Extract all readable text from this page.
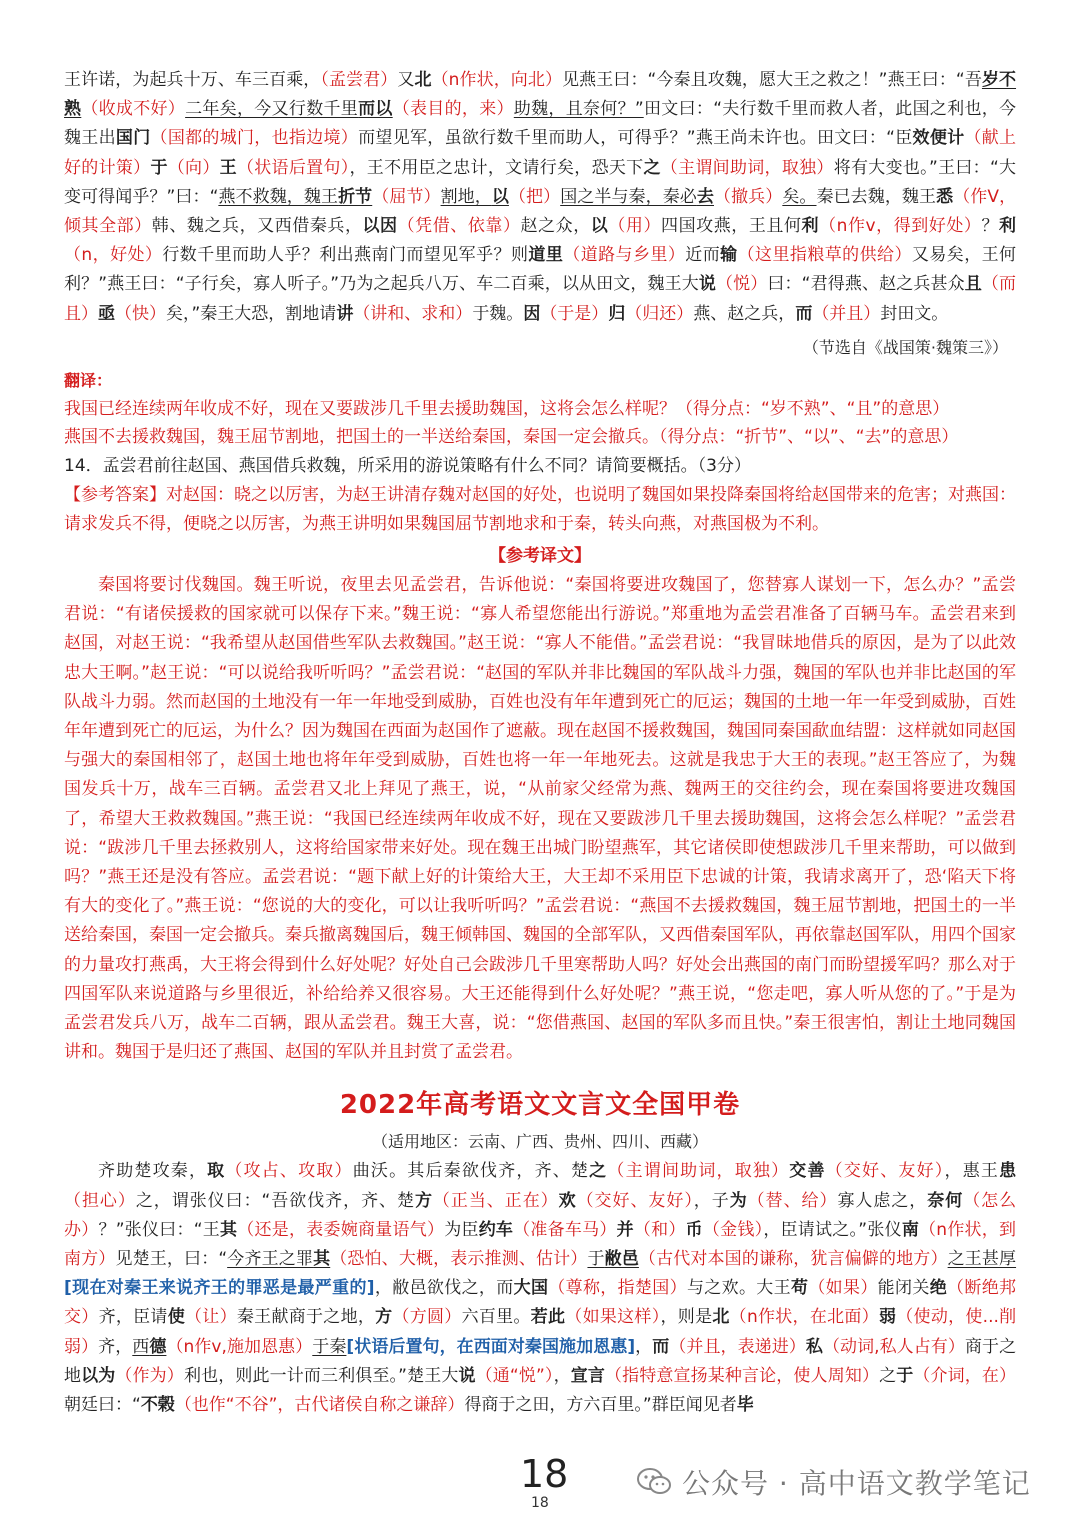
王许诺，为起兵十万、车三百乘，（孟尝君）又北（n作状，向北）见燕王曰：“今秦且攻魏，愿大王之救之！”燕王曰：“吾岁不熟（收成不好）二年矣，今又行数千里而以（表目的，来）助魏，且奈何？”田文曰：“夫行数千里而救人者，此国之利也，今魏王出国门（国都的城门，也指边境）而望见军，虽欲行数千里而助人，可得乎？”燕王尚未许也。田文曰：“臣效便计（献上好的计策）于（向）王（状语后置句），王不用臣之忠计，文请行矣，恐天下之（主谓间助词，取独）将有大变也。”王曰：“大变可得闻乎？”曰：“燕不救魏，魏王折节（屈节）割地，以（把）国之半与秦，秦必去（撤兵）矣。秦已去魏，魏王悉（作V，倾其全部）韩、魏之兵，又西借秦兵，以因（凭借、依靠）赵之众，以（用）四国攻燕，王且何利（n作v，得到好处）？利（n，好处）行数千里而助人乎？利出燕南门而望见军乎？则道里（道路与乡里）近而输（这里指粮草的供给）又易矣，王何利？”燕王曰：“子行矣，寡人听子。”乃为之起兵八万、车二百乘，以从田文，魏王大说（悦）曰：“君得燕、赵之兵甚众且（而且）亟（快）矣，”秦王大恐，割地请讲（讲和、求和）于魏。因（于是）归（归还）燕、赵之兵，而（并且）封田文。

（节选自《战国策·魏策三》）

翻译：

我国已经连续两年收成不好，现在又要跋涉几千里去援助魏国，这将会怎么样呢？（得分点：“岁不熟”、“且”的意思）

燕国不去援救魏国，魏王屈节割地，把国土的一半送给秦国，秦国一定会撤兵。（得分点：“折节”、“以”、“去”的意思）

14．孟尝君前往赵国、燕国借兵救魏，所采用的游说策略有什么不同？请简要概括。（3分）

【参考答案】对赵国：晓之以厉害，为赵王讲清存魏对赵国的好处，也说明了魏国如果投降秦国将给赵国带来的危害；对燕国：请求发兵不得，便晓之以厉害，为燕王讲明如果魏国屈节割地求和于秦，转头向燕，对燕国极为不利。

【参考译文】

秦国将要讨伐魏国。魏王听说，夜里去见孟尝君，告诉他说：“秦国将要进攻魏国了，您替寡人谋划一下，怎么办？”孟尝君说：“有诸侯援救的国家就可以保存下来。”魏王说：“寡人希望您能出行游说。”郑重地为孟尝君准备了百辆马车。孟尝君来到赵国，对赵王说：“我希望从赵国借些军队去救魏国。”赵王说：“寡人不能借。”孟尝君说：“我冒昧地借兵的原因，是为了以此效忠大王啊。”赵王说：“可以说给我听听吗？”孟尝君说：“赵国的军队并非比魏国的军队战斗力强，魏国的军队也并非比赵国的军队战斗力弱。然而赵国的土地没有一年一年地受到威胁，百姓也没有年年遭到死亡的厄运；魏国的土地一年一年受到威胁，百姓年年遭到死亡的厄运，为什么？因为魏国在西面为赵国作了遮蔽。现在赵国不援救魏国，魏国同秦国歃血结盟：这样就如同赵国与强大的秦国相邻了，赵国土地也将年年受到威胁，百姓也将一年一年地死去。这就是我忠于大王的表现。”赵王答应了，为魏国发兵十万，战车三百辆。孟尝君又北上拜见了燕王，说，“从前家父经常为燕、魏两王的交往约会，现在秦国将要进攻魏国了，希望大王救救魏国。”燕王说：“我国已经连续两年收成不好，现在又要跋涉几千里去援助魏国，这将会怎么样呢？”孟尝君说：“跋涉几千里去拯救别人，这将给国家带来好处。现在魏王出城门盼望燕军，其它诸侯即使想跋涉几千里来帮助，可以做到吗？”燕王还是没有答应。孟尝君说：“题下献上好的计策给大王，大王却不采用臣下忠诚的计策，我请求离开了，恐‘陷天下将有大的变化了。”燕王说：“您说的大的变化，可以让我听听吗？”孟尝君说：“燕国不去援救魏国，魏王屈节割地，把国土的一半送给秦国，秦国一定会撤兵。秦兵撤离魏国后，魏王倾韩国、魏国的全部军队，又西借秦国军队，再依靠赵国军队，用四个国家的力量攻打燕禹，大王将会得到什么好处呢？好处自己会跋涉几千里寒帮助人吗？好处会出燕国的南门而盼望援军吗？那么对于四国军队来说道路与乡里很近，补给给养又很容易。大王还能得到什么好处呢？”燕王说，“您走吧，寡人听从您的了。”于是为孟尝君发兵八万，战车二百辆，跟从孟尝君。魏王大喜，说：“您借燕国、赵国的军队多而且快。”秦王很害怕，割让土地同魏国讲和。魏国于是归还了燕国、赵国的军队并且封赏了孟尝君。

2022年高考语文文言文全国甲卷

（适用地区：云南、广西、贵州、四川、西藏）

齐助楚攻秦，取（攻占、攻取）曲沃。其后秦欲伐齐，齐、楚之（主谓间助词，取独）交善（交好、友好），惠王患（担心）之，谓张仪曰：“吾欲伐齐，齐、楚方（正当、正在）欢（交好、友好），子为（替、给）寡人虑之，奈何（怎么办）？”张仪曰：“王其（还是，表委婉商量语气）为臣约车（准备车马）并（和）币（金钱），臣请试之。”张仪南（n作状，到南方）见楚王，曰：“今齐王之罪其（恐怕、大概，表示推测、估计）于敝邑（古代对本国的谦称，犹言偏僻的地方）之王甚厚[现在对秦王来说齐王的罪恶是最严重的]，敝邑欲伐之，而大国（尊称，指楚国）与之欢。大王苟（如果）能闭关绝（断绝邦交）齐，臣请使（让）秦王献商于之地，方（方圆）六百里。若此（如果这样），则是北（n作状，在北面）弱（使动，使...削弱）齐，西德（n作v,施加恩惠）于秦[状语后置句，在西面对秦国施加恩惠]，而（并且，表递进）私（动词,私人占有）商于之地以为（作为）利也，则此一计而三利俱至。”楚王大说（通“悦”），宣言（指特意宣扬某种言论，使人周知）之于（介词，在）朝廷曰：“不榖（也作“不谷”，古代诸侯自称之谦辞）得商于之田，方六百里。”群臣闻见者毕

18
18
公众号 · 高中语文教学笔记
